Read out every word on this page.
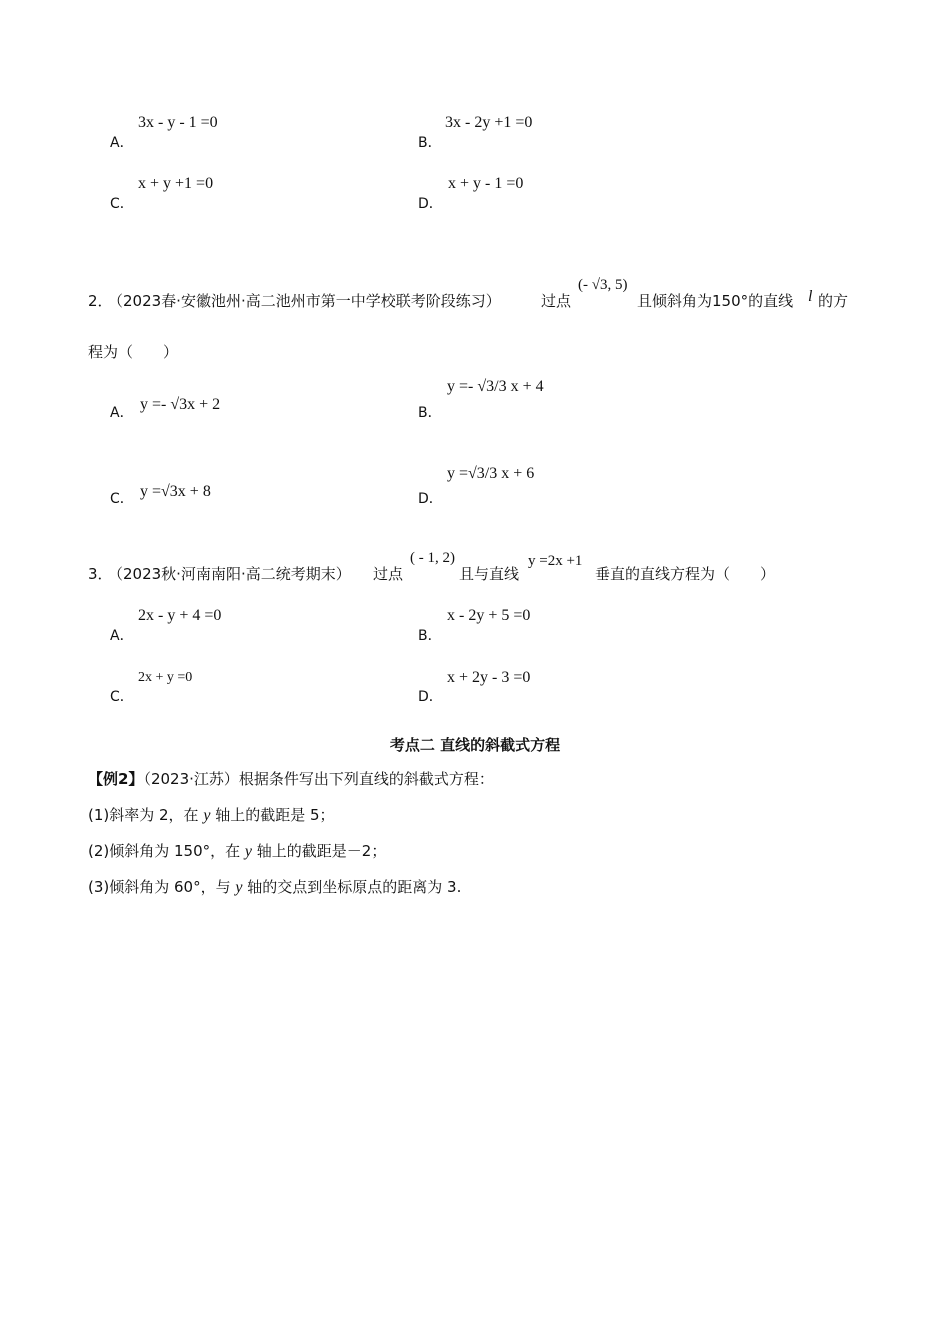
A．
3x - y - 1 =0
B．
3x - 2y +1 =0
C．
x + y +1 =0
D．
x + y - 1 =0
2．
（2023春·安徽池州·高二池州市第一中学校联考阶段练习）	过点
(- √3, 5)
且倾斜角为150°的直线 l 的方
程为（　　）
A． y =- √3x + 2	B．
y =- √3/3 x + 4
C． y =√3x + 8	D．
y =√3/3 x + 6
3．
（2023秋·河南南阳·高二统考期末） 过点
( - 1, 2)
且与直线
y =2x +1
垂直的直线方程为（　　）
A．
2x - y + 4 =0
B．
x - 2y + 5 =0
C．
2x + y =0
D．
x + 2y - 3 =0
考点二 直线的斜截式方程
【例2】（2023·江苏）根据条件写出下列直线的斜截式方程：
(1)斜率为 2，在 y 轴上的截距是 5；
(2)倾斜角为 150°，在 y 轴上的截距是－2；
(3)倾斜角为 60°，与 y 轴的交点到坐标原点的距离为 3.
